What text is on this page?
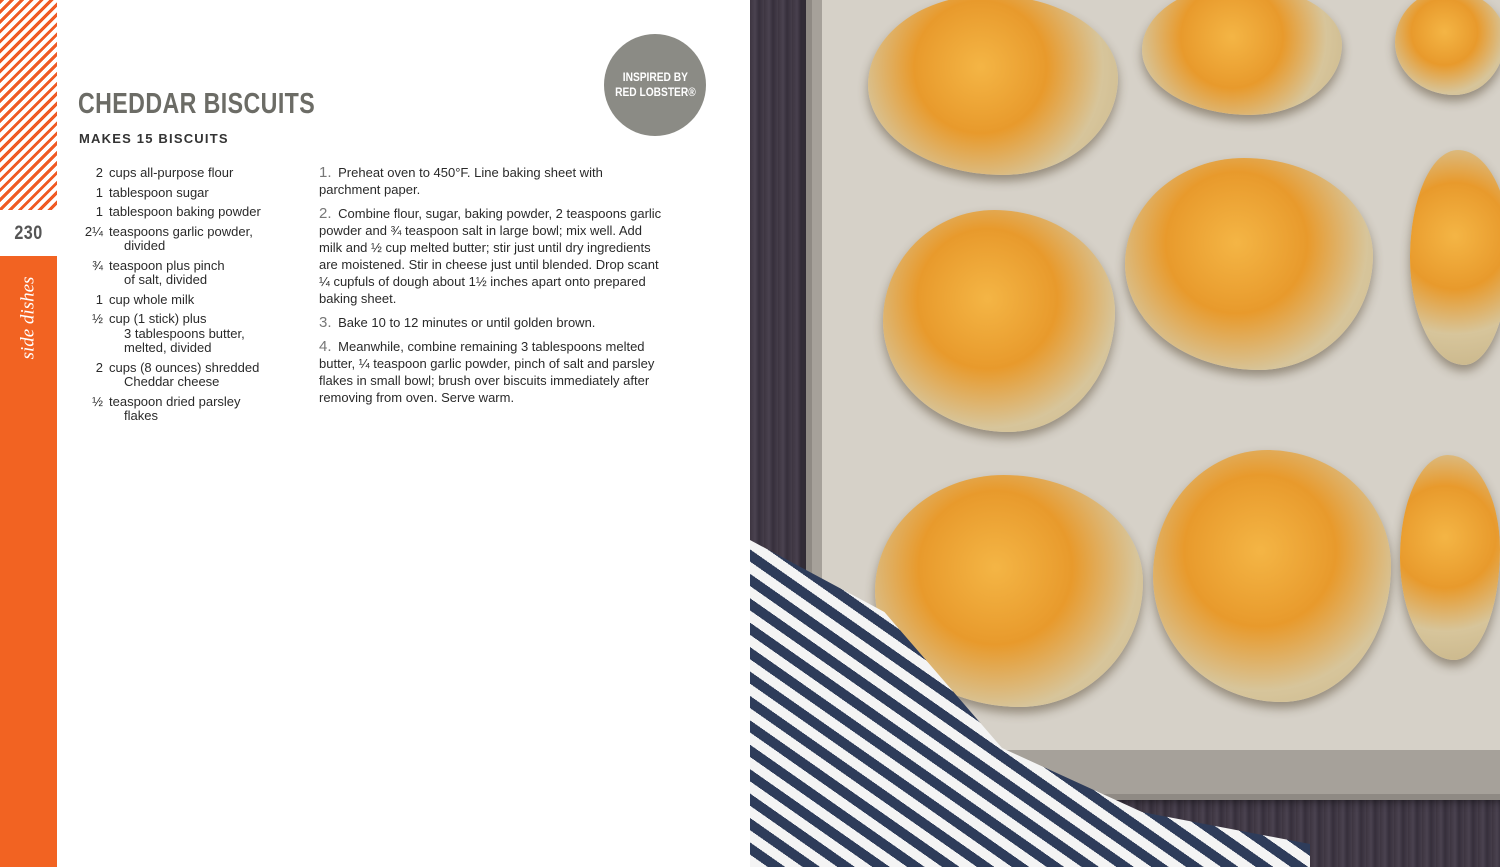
230
side dishes
CHEDDAR BISCUITS
MAKES 15 BISCUITS
INSPIRED BY
RED LOBSTER®
2 cups all-purpose flour
1 tablespoon sugar
1 tablespoon baking powder
2¼ teaspoons garlic powder,
divided
¾ teaspoon plus pinch
of salt, divided
1 cup whole milk
½ cup (1 stick) plus
3 tablespoons butter,
melted, divided
2 cups (8 ounces) shredded
Cheddar cheese
½ teaspoon dried parsley
flakes
1. Preheat oven to 450°F. Line baking sheet with parchment paper.
2. Combine flour, sugar, baking powder, 2 teaspoons garlic powder and ¾ teaspoon salt in large bowl; mix well. Add milk and ½ cup melted butter; stir just until dry ingredients are moistened. Stir in cheese just until blended. Drop scant ¼ cupfuls of dough about 1½ inches apart onto prepared baking sheet.
3. Bake 10 to 12 minutes or until golden brown.
4. Meanwhile, combine remaining 3 tablespoons melted butter, ¼ teaspoon garlic powder, pinch of salt and parsley flakes in small bowl; brush over biscuits immediately after removing from oven. Serve warm.
